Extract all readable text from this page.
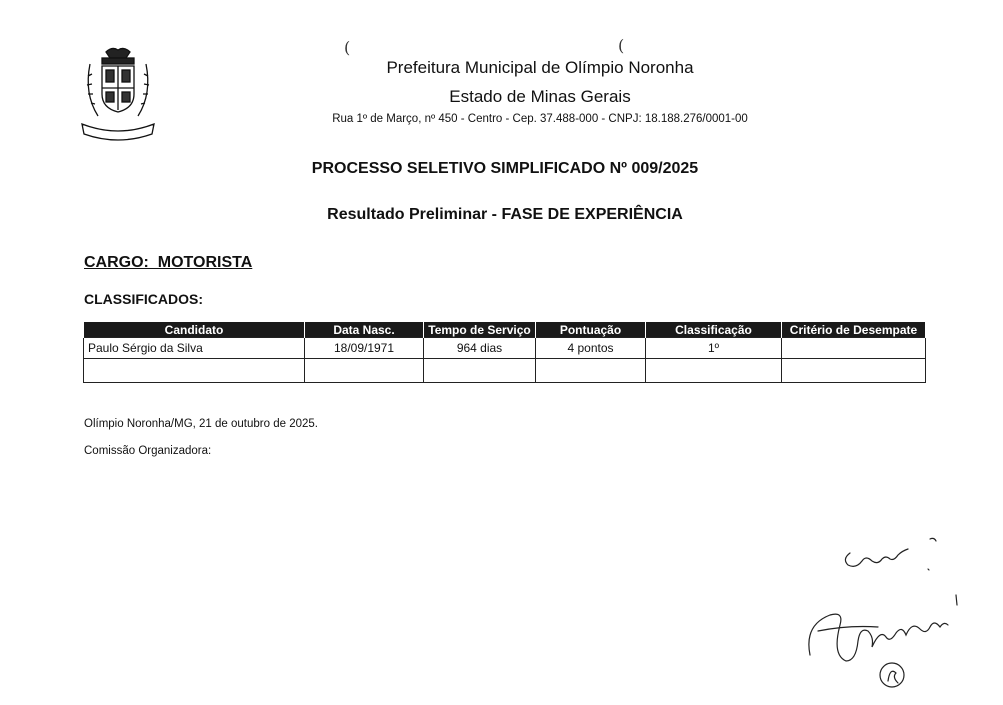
Prefeitura Municipal de Olímpio Noronha
Estado de Minas Gerais
Rua 1º de Março, nº 450 - Centro - Cep. 37.488-000 - CNPJ: 18.188.276/0001-00
(	(
PROCESSO SELETIVO SIMPLIFICADO Nº 009/2025
Resultado Preliminar - FASE DE EXPERIÊNCIA
CARGO:  MOTORISTA
CLASSIFICADOS:
Candidato	Data Nasc.	Tempo de Serviço	Pontuação	Classificação	Critério de Desempate
Paulo Sérgio da Silva	18/09/1971	964 dias	4 pontos	1º	

Olímpio Noronha/MG, 21 de outubro de 2025.
Comissão Organizadora:
